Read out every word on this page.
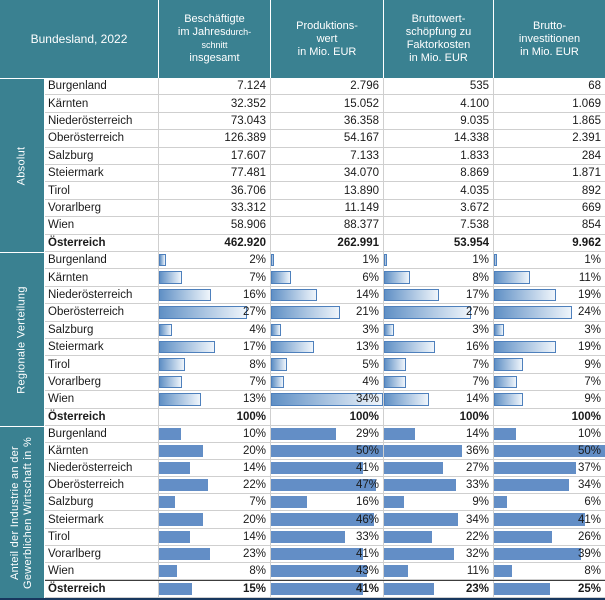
Bundesland, 2022
Beschäftigte
im Jahresdurch-
schnitt
insgesamt
Produktions-
wert
in Mio. EUR
Bruttowert-
schöpfung zu
Faktorkosten
in Mio. EUR
Brutto-
investitionen
in Mio. EUR
Absolut
Burgenland	7.124	2.796	535	68
Kärnten	32.352	15.052	4.100	1.069
Niederösterreich	73.043	36.358	9.035	1.865
Oberösterreich	126.389	54.167	14.338	2.391
Salzburg	17.607	7.133	1.833	284
Steiermark	77.481	34.070	8.869	1.871
Tirol	36.706	13.890	4.035	892
Vorarlberg	33.312	11.149	3.672	669
Wien	58.906	88.377	7.538	854
Österreich	462.920	262.991	53.954	9.962
Regionale Verteilung
Burgenland	2%	1%	1%	1%
Kärnten	7%	6%	8%	11%
Niederösterreich	16%	14%	17%	19%
Oberösterreich	27%	21%	27%	24%
Salzburg	4%	3%	3%	3%
Steiermark	17%	13%	16%	19%
Tirol	8%	5%	7%	9%
Vorarlberg	7%	4%	7%	7%
Wien	13%	34%	14%	9%
Österreich	100%	100%	100%	100%
Anteil der Industrie an der Gewerblichen Wirtschaft in %
Burgenland	10%	29%	14%	10%
Kärnten	20%	50%	36%	50%
Niederösterreich	14%	41%	27%	37%
Oberösterreich	22%	47%	33%	34%
Salzburg	7%	16%	9%	6%
Steiermark	20%	46%	34%	41%
Tirol	14%	33%	22%	26%
Vorarlberg	23%	41%	32%	39%
Wien	8%	43%	11%	8%
Österreich	15%	41%	23%	25%
